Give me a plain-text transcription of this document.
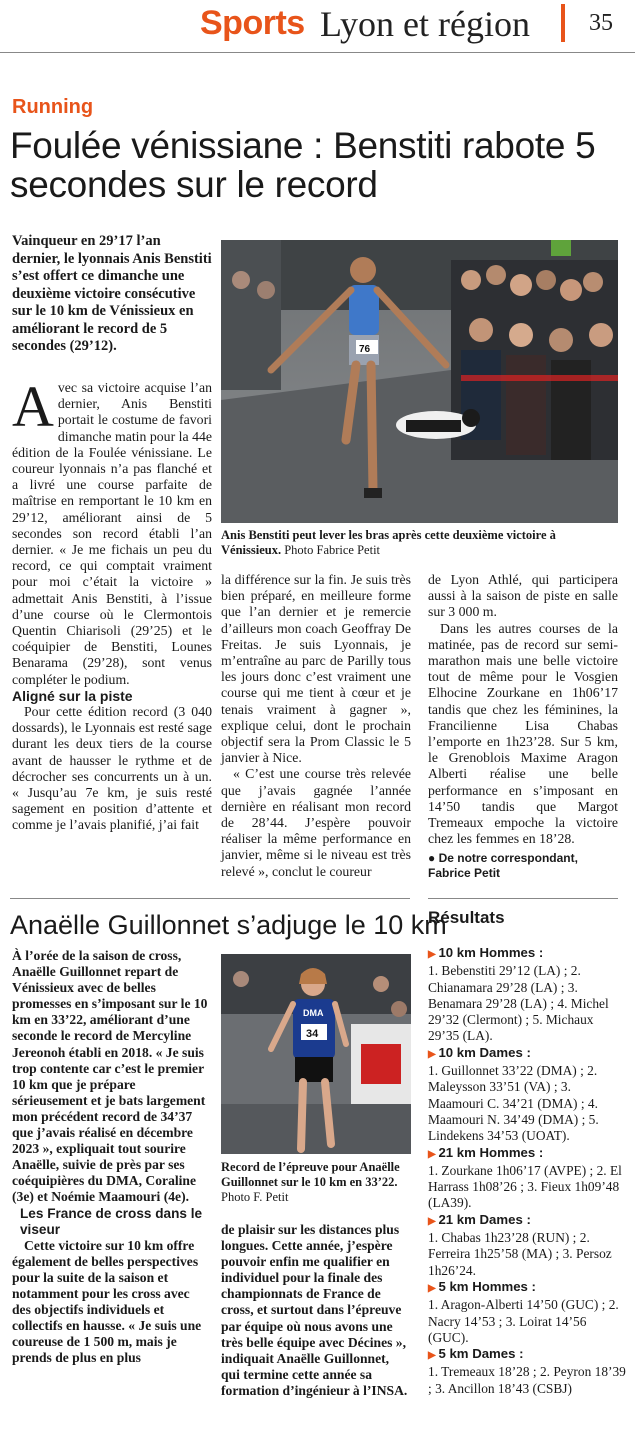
Sports Lyon et région 35
Running
Foulée vénissiane : Benstiti rabote 5 secondes sur le record
Vainqueur en 29’17 l’an dernier, le lyonnais Anis Benstiti s’est offert ce dimanche une deuxième victoire consécutive sur le 10 km de Vénissieux en améliorant le record de 5 secondes (29’12).	76
Anis Benstiti peut lever les bras après cette deuxième victoire à Vénissieux. Photo Fabrice Petit

Avec sa victoire acquise l’an dernier, Anis Benstiti portait le costume de favori dimanche matin pour la 44e édition de la Foulée vénissiane. Le coureur lyonnais n’a pas flanché et a livré une course parfaite de maîtrise en remportant le 10 km en 29’12, améliorant ainsi de 5 secondes son record établi l’an dernier. « Je me fichais un peu du record, ce qui comptait vraiment pour moi c’était la victoire » admettait Anis Benstiti, à l’issue d’une course où le Clermontois Quentin Chiarisoli (29’25) et le coéquipier de Benstiti, Lounes Benarama (29’28), sont venus compléter le podium.

Aligné sur la piste

Pour cette édition record (3 040 dossards), le Lyonnais est resté sage durant les deux tiers de la course avant de hausser le rythme et de décrocher ses concurrents un à un. « Jusqu’au 7e km, je suis resté sagement en position d’attente et comme je l’avais planifié, j’ai fait

la différence sur la fin. Je suis très bien préparé, en meilleure forme que l’an dernier et je remercie d’ailleurs mon coach Geoffray De Freitas. Je suis Lyonnais, je m’entraîne au parc de Parilly tous les jours donc c’est vraiment une course qui me tient à cœur et je tenais vraiment à gagner », explique celui, dont le prochain objectif sera la Prom Classic le 5 janvier à Nice.

« C’est une course très relevée que j’avais gagnée l’année dernière en réalisant mon record de 28’44. J’espère pouvoir réaliser la même performance en janvier, même si le niveau est très relevé », conclut le coureur

de Lyon Athlé, qui participera aussi à la saison de piste en salle sur 3 000 m.

Dans les autres courses de la matinée, pas de record sur semi-marathon mais une belle victoire tout de même pour le Vosgien Elhocine Zourkane en 1h06’17 tandis que chez les féminines, la Francilienne Lisa Chabas l’emporte en 1h23’28. Sur 5 km, le Grenoblois Maxime Aragon Alberti réalise une belle performance en s’imposant en 14’50 tandis que Margot Tremeaux empoche la victoire chez les femmes en 18’28.

● De notre correspondant,
Fabrice Petit
Anaëlle Guillonnet s’adjuge le 10 km

À l’orée de la saison de cross, Anaëlle Guillonnet repart de Vénissieux avec de belles promesses en s’imposant sur le 10 km en 33’22, améliorant d’une seconde le record de Mercyline Jereonoh établi en 2018. « Je suis trop contente car c’est le premier 10 km que je prépare sérieusement et je bats largement mon précédent record de 34’37 que j’avais réalisé en décembre 2023 », expliquait tout sourire Anaëlle, suivie de près par ses coéquipières du DMA, Coraline (3e) et Noémie Maamouri (4e).

Les France de cross dans le viseur

Cette victoire sur 10 km offre également de belles perspectives pour la suite de la saison et notamment pour les cross avec des objectifs individuels et collectifs en hausse. « Je suis une coureuse de 1 500 m, mais je prends de plus en plus

DMA
34
Record de l’épreuve pour Anaëlle Guillonnet sur le 10 km en 33’22. Photo F. Petit

de plaisir sur les distances plus longues. Cette année, j’espère pouvoir enfin me qualifier en individuel pour la finale des championnats de France de cross, et surtout dans l’épreuve par équipe où nous avons une très belle équipe avec Décines », indiquait Anaëlle Guillonnet, qui termine cette année sa formation d’ingénieur à l’INSA.

Résultats
▶ 10 km Hommes :
1. Bebenstiti 29’12 (LA) ; 2. Chianamara 29’28 (LA) ; 3. Benamara 29’28 (LA) ; 4. Michel 29’32 (Clermont) ; 5. Michaux 29’35 (LA).
▶ 10 km Dames :
1. Guillonnet 33’22 (DMA) ; 2. Maleysson 33’51 (VA) ; 3. Maamouri C. 34’21 (DMA) ; 4. Maamouri N. 34’49 (DMA) ; 5. Lindekens 34’53 (UOAT).
▶ 21 km Hommes :
1. Zourkane 1h06’17 (AVPE) ; 2. El Harrass 1h08’26 ; 3. Fieux 1h09’48 (LA39).
▶ 21 km Dames :
1. Chabas 1h23’28 (RUN) ; 2. Ferreira 1h25’58 (MA) ; 3. Persoz 1h26’24.
▶ 5 km Hommes :
1. Aragon-Alberti 14’50 (GUC) ; 2. Nacry 14’53 ; 3. Loirat 14’56 (GUC).
▶ 5 km Dames :
1. Tremeaux 18’28 ; 2. Peyron 18’39 ; 3. Ancillon 18’43 (CSBJ)
